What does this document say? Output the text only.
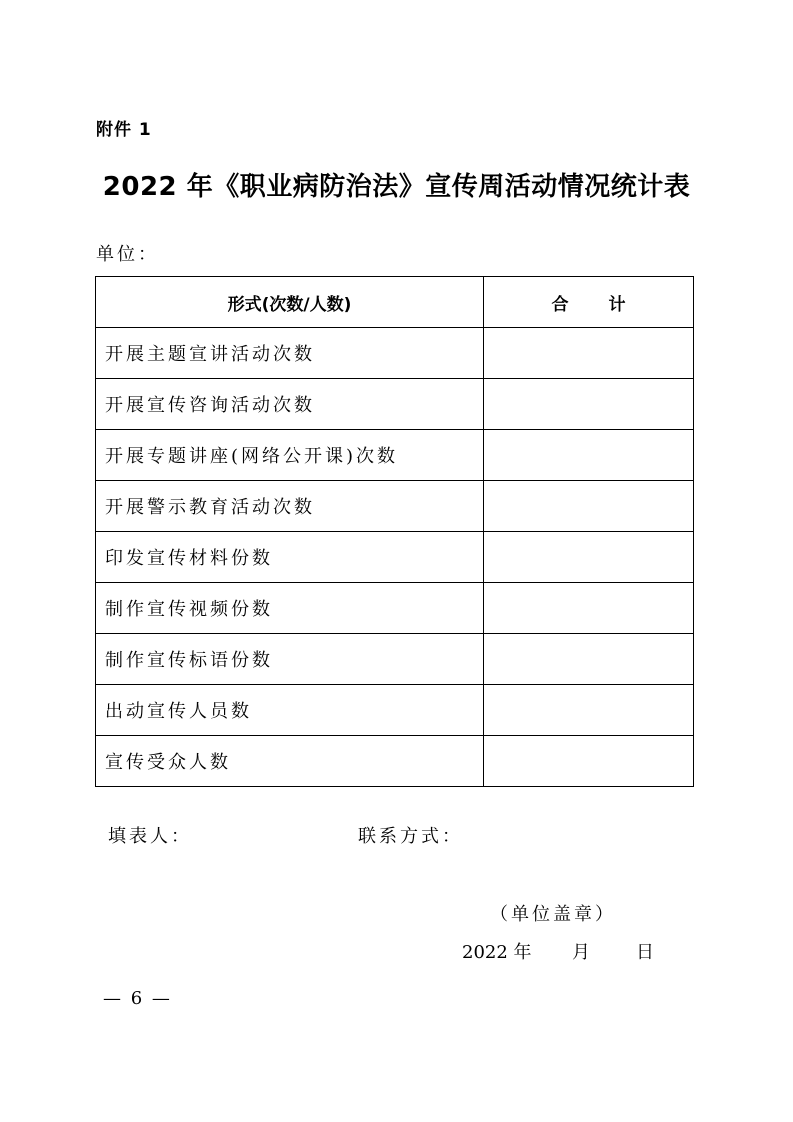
附件 1
2022 年《职业病防治法》宣传周活动情况统计表
单位：
形式(次数/人数)	合计
开展主题宣讲活动次数	
开展宣传咨询活动次数	
开展专题讲座(网络公开课)次数	
开展警示教育活动次数	
印发宣传材料份数	
制作宣传视频份数	
制作宣传标语份数	
出动宣传人员数	
宣传受众人数	
填表人：	联系方式：
（单位盖章）
2022 年 月	日
— 6 —
